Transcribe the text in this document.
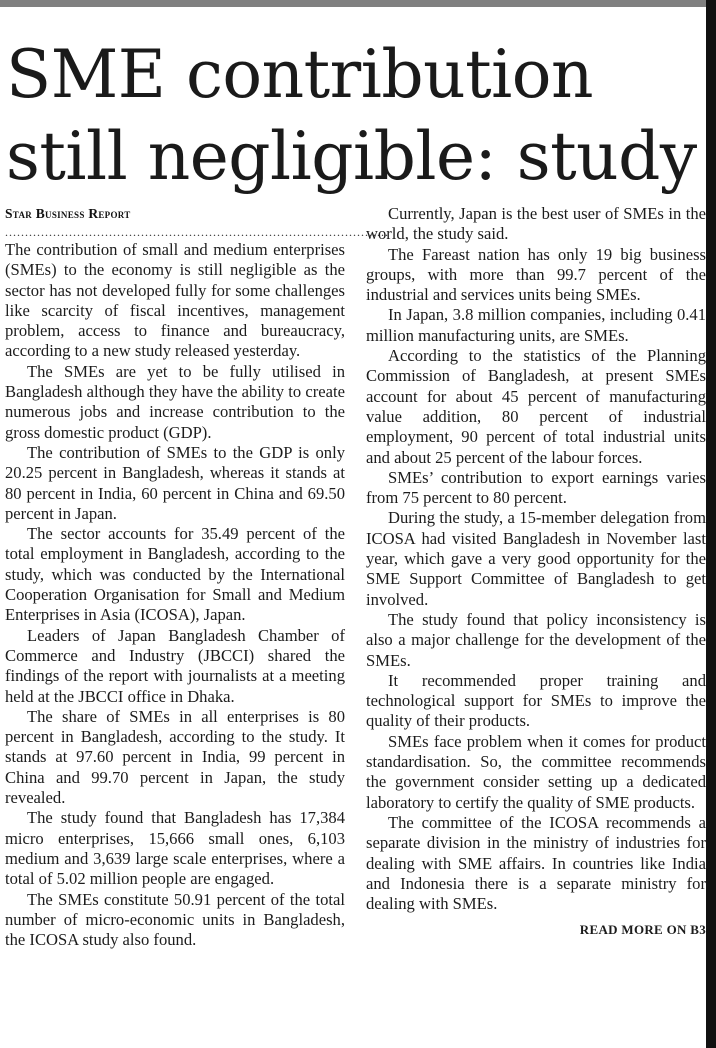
SME contribution
still negligible: study
Star Business Report
................................................................................................

The contribution of small and medium enterprises (SMEs) to the economy is still negligible as the sector has not developed fully for some challenges like scarcity of fiscal incentives, management problem, access to finance and bureaucracy, according to a new study released yesterday.

The SMEs are yet to be fully utilised in Bangladesh although they have the ability to create numerous jobs and increase contribution to the gross domestic product (GDP).

The contribution of SMEs to the GDP is only 20.25 percent in Bangladesh, whereas it stands at 80 percent in India, 60 percent in China and 69.50 percent in Japan.

The sector accounts for 35.49 percent of the total employment in Bangladesh, according to the study, which was conducted by the International Cooperation Organisation for Small and Medium Enterprises in Asia (ICOSA), Japan.

Leaders of Japan Bangladesh Chamber of Commerce and Industry (JBCCI) shared the findings of the report with journalists at a meeting held at the JBCCI office in Dhaka.

The share of SMEs in all enterprises is 80 percent in Bangladesh, according to the study. It stands at 97.60 percent in India, 99 percent in China and 99.70 percent in Japan, the study revealed.

The study found that Bangladesh has 17,384 micro enterprises, 15,666 small ones, 6,103 medium and 3,639 large scale enterprises, where a total of 5.02 million people are engaged.

The SMEs constitute 50.91 percent of the total number of micro-economic units in Bangladesh, the ICOSA study also found.

Currently, Japan is the best user of SMEs in the world, the study said.

The Fareast nation has only 19 big business groups, with more than 99.7 percent of the industrial and services units being SMEs.

In Japan, 3.8 million companies, including 0.41 million manufacturing units, are SMEs.

According to the statistics of the Planning Commission of Bangladesh, at present SMEs account for about 45 percent of manufacturing value addition, 80 percent of industrial employment, 90 percent of total industrial units and about 25 percent of the labour forces.

SMEs’ contribution to export earnings varies from 75 percent to 80 percent.

During the study, a 15-member delegation from ICOSA had visited Bangladesh in November last year, which gave a very good opportunity for the SME Support Committee of Bangladesh to get involved.

The study found that policy inconsistency is also a major challenge for the development of the SMEs.

It recommended proper training and technological support for SMEs to improve the quality of their products.

SMEs face problem when it comes for product standardisation. So, the committee recommends the government consider setting up a dedicated laboratory to certify the quality of SME products.

The committee of the ICOSA recommends a separate division in the ministry of industries for dealing with SME affairs. In countries like India and Indonesia there is a separate ministry for dealing with SMEs.

READ MORE ON B3
